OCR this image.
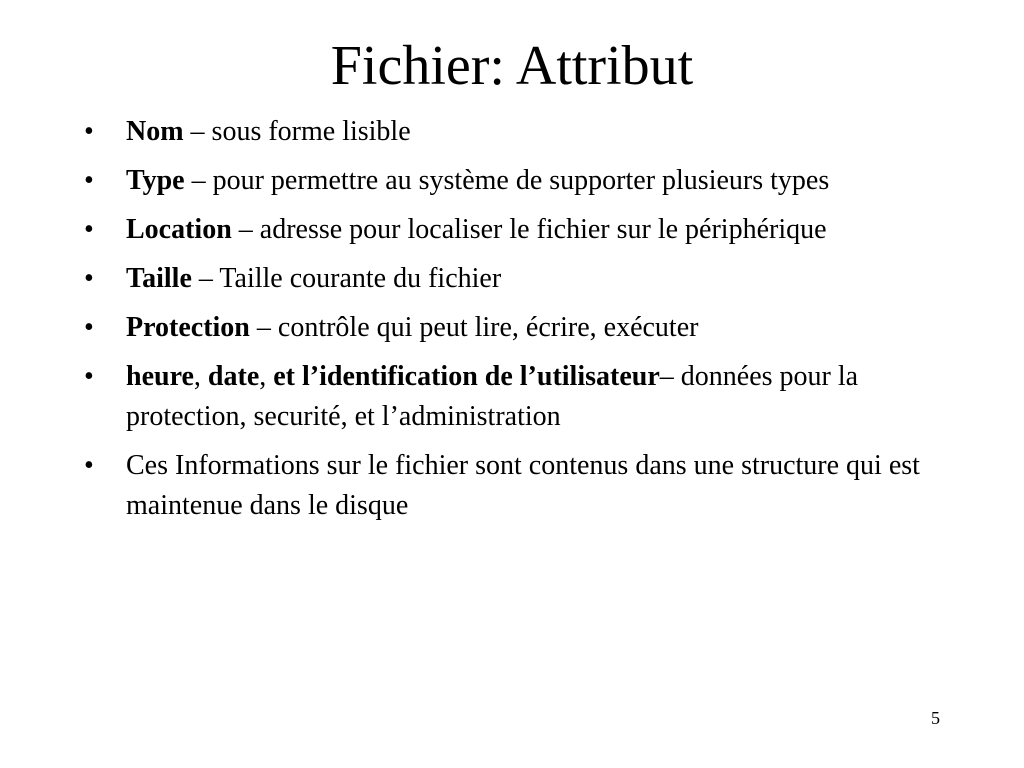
Fichier: Attribut
•	Nom – sous forme lisible
•	Type – pour permettre au système de supporter plusieurs types
•	Location – adresse pour localiser le fichier sur le périphérique
•	Taille – Taille courante du fichier
•	Protection – contrôle qui peut lire, écrire, exécuter
•	heure, date, et l’identification de l’utilisateur– données pour la protection, securité, et l’administration
•	Ces Informations sur le fichier sont contenus dans une structure qui est maintenue dans le disque
5
